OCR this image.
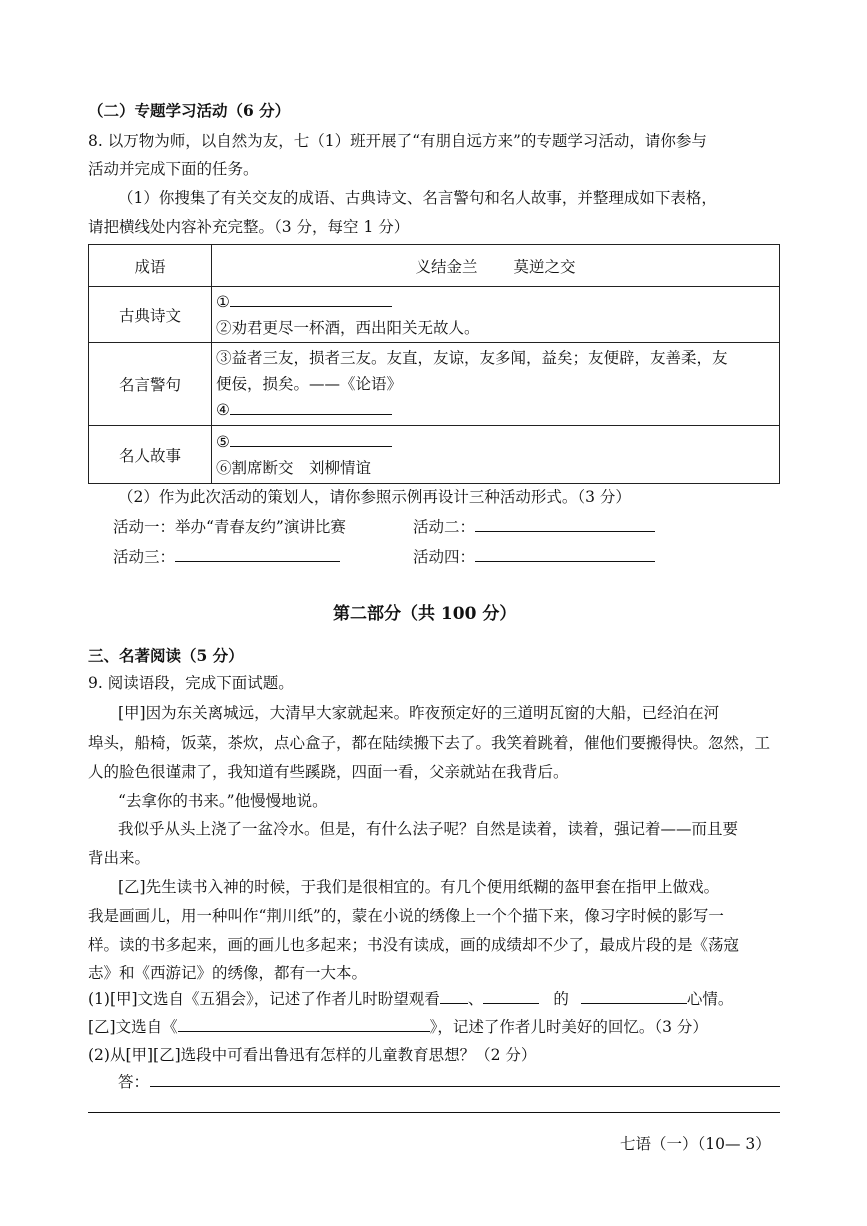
（二）专题学习活动（6 分）
8. 以万物为师，以自然为友，七（1）班开展了“有朋自远方来”的专题学习活动，请你参与
活动并完成下面的任务。
（1）你搜集了有关交友的成语、古典诗文、名言警句和名人故事，并整理成如下表格，
请把横线处内容补充完整。（3 分，每空 1 分）
成语	义结金兰 莫逆之交
古典诗文	①
②劝君更尽一杯酒，西出阳关无故人。

名言警句	③益者三友，损者三友。友直，友谅，友多闻，益矣；友便辟，友善柔，友
便佞，损矣。——《论语》
④

名人故事	⑤
⑥割席断交　刘柳情谊
（2）作为此次活动的策划人，请你参照示例再设计三种活动形式。（3 分）
活动一：举办“青春友约”演讲比赛	活动二：
活动三：	活动四：
第二部分（共 100 分）
三、名著阅读（5 分）
9. 阅读语段，完成下面试题。
[甲]因为东关离城远，大清早大家就起来。昨夜预定好的三道明瓦窗的大船，已经泊在河
埠头，船椅，饭菜，茶炊，点心盒子，都在陆续搬下去了。我笑着跳着，催他们要搬得快。忽然，工
人的脸色很谨肃了，我知道有些蹊跷，四面一看，父亲就站在我背后。
“去拿你的书来。”他慢慢地说。
我似乎从头上浇了一盆冷水。但是，有什么法子呢？自然是读着，读着，强记着——而且要
背出来。
[乙]先生读书入神的时候，于我们是很相宜的。有几个便用纸糊的盔甲套在指甲上做戏。
我是画画儿，用一种叫作“荆川纸”的，蒙在小说的绣像上一个个描下来，像习字时候的影写一
样。读的书多起来，画的画儿也多起来；书没有读成，画的成绩却不少了，最成片段的是《荡寇
志》和《西游记》的绣像，都有一大本。
(1)[甲]文选自《五猖会》，记述了作者儿时盼望观看 、	的	心情。
[乙]文选自《	》，记述了作者儿时美好的回忆。（3 分）
(2)从[甲][乙]选段中可看出鲁迅有怎样的儿童教育思想？（2 分）
答：
七语（一）（10— 3）
